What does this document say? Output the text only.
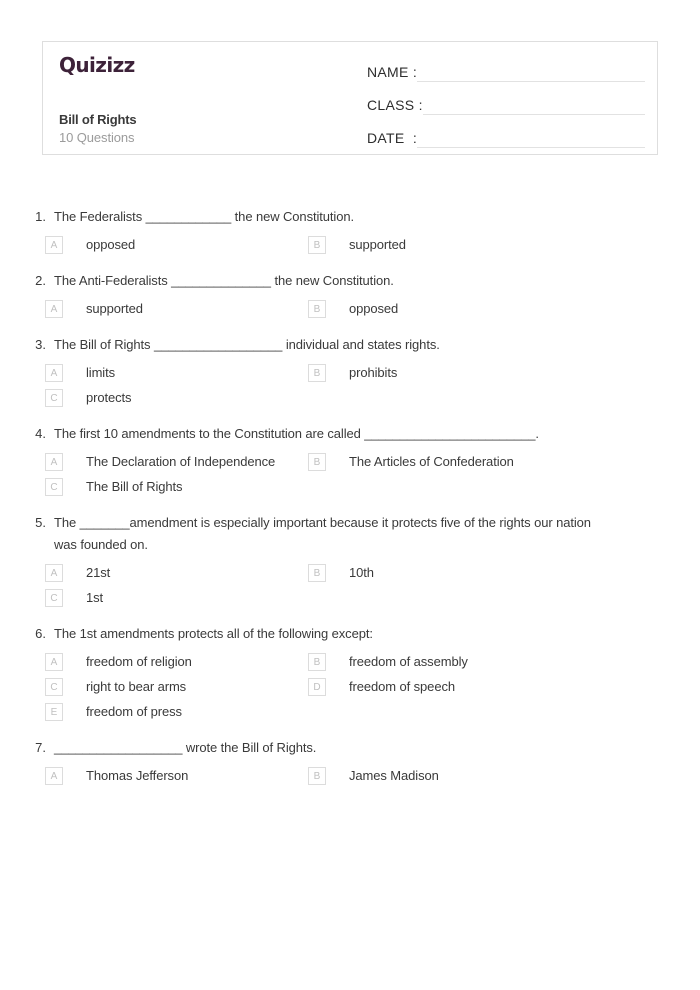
Quizizz
Bill of Rights
10 Questions
NAME :
CLASS :
DATE  :
1. The Federalists ____________ the new Constitution.
A	opposed	B	supported
2. The Anti-Federalists ______________ the new Constitution.
A	supported	B	opposed
3. The Bill of Rights __________________ individual and states rights.
A	limits	B	prohibits
C	protects
4. The first 10 amendments to the Constitution are called ________________________.
A	The Declaration of Independence	B	The Articles of Confederation
C	The Bill of Rights
5. The _______amendment is especially important because it protects five of the rights our nation was founded on.
A	21st	B	10th
C	1st
6. The 1st amendments protects all of the following except:
A	freedom of religion	B	freedom of assembly
C	right to bear arms	D	freedom of speech
E	freedom of press
7. __________________ wrote the Bill of Rights.
A	Thomas Jefferson	B	James Madison
